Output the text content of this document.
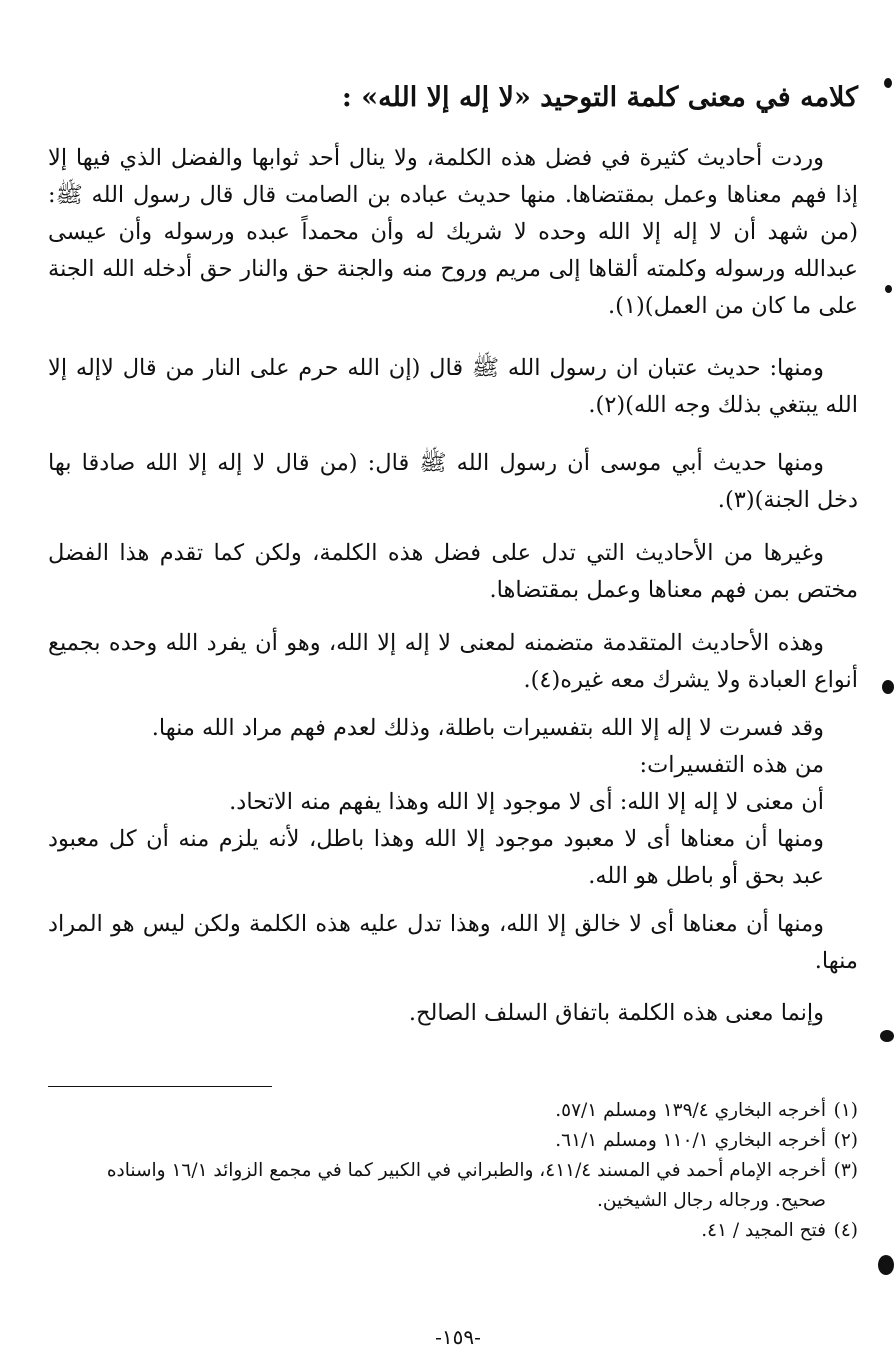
كلامه في معنى كلمة التوحيد «لا إله إلا الله» :

وردت أحاديث كثيرة في فضل هذه الكلمة، ولا ينال أحد ثوابها والفضل الذي فيها إلا إذا فهم معناها وعمل بمقتضاها. منها حديث عباده بن الصامت قال قال رسول الله ﷺ: (من شهد أن لا إله إلا الله وحده لا شريك له وأن محمداً عبده ورسوله وأن عيسى عبدالله ورسوله وكلمته ألقاها إلى مريم وروح منه والجنة حق والنار حق أدخله الله الجنة على ما كان من العمل)(١).

ومنها: حديث عتبان ان رسول الله ﷺ قال (إن الله حرم على النار من قال لاإله إلا الله يبتغي بذلك وجه الله)(٢).

ومنها حديث أبي موسى أن رسول الله ﷺ قال: (من قال لا إله إلا الله صادقا بها دخل الجنة)(٣).

وغيرها من الأحاديث التي تدل على فضل هذه الكلمة، ولكن كما تقدم هذا الفضل مختص بمن فهم معناها وعمل بمقتضاها.

وهذه الأحاديث المتقدمة متضمنه لمعنى لا إله إلا الله، وهو أن يفرد الله وحده بجميع أنواع العبادة ولا يشرك معه غيره(٤).

وقد فسرت لا إله إلا الله بتفسيرات باطلة، وذلك لعدم فهم مراد الله منها.

من هذه التفسيرات:

أن معنى لا إله إلا الله: أى لا موجود إلا الله وهذا يفهم منه الاتحاد.

ومنها أن معناها أى لا معبود موجود إلا الله وهذا باطل، لأنه يلزم منه أن كل معبود عبد بحق أو باطل هو الله.

ومنها أن معناها أى لا خالق إلا الله، وهذا تدل عليه هذه الكلمة ولكن ليس هو المراد منها.

وإنما معنى هذه الكلمة باتفاق السلف الصالح.

(١)أخرجه البخاري ١٣٩/٤ ومسلم ٥٧/١.

(٢)أخرجه البخاري ١١٠/١ ومسلم ٦١/١.

(٣)أخرجه الإمام أحمد في المسند ٤١١/٤، والطبراني في الكبير كما في مجمع الزوائد ١٦/١ واسناده

صحيح. ورجاله رجال الشيخين.

(٤)فتح المجيد / ٤١.

-١٥٩-
